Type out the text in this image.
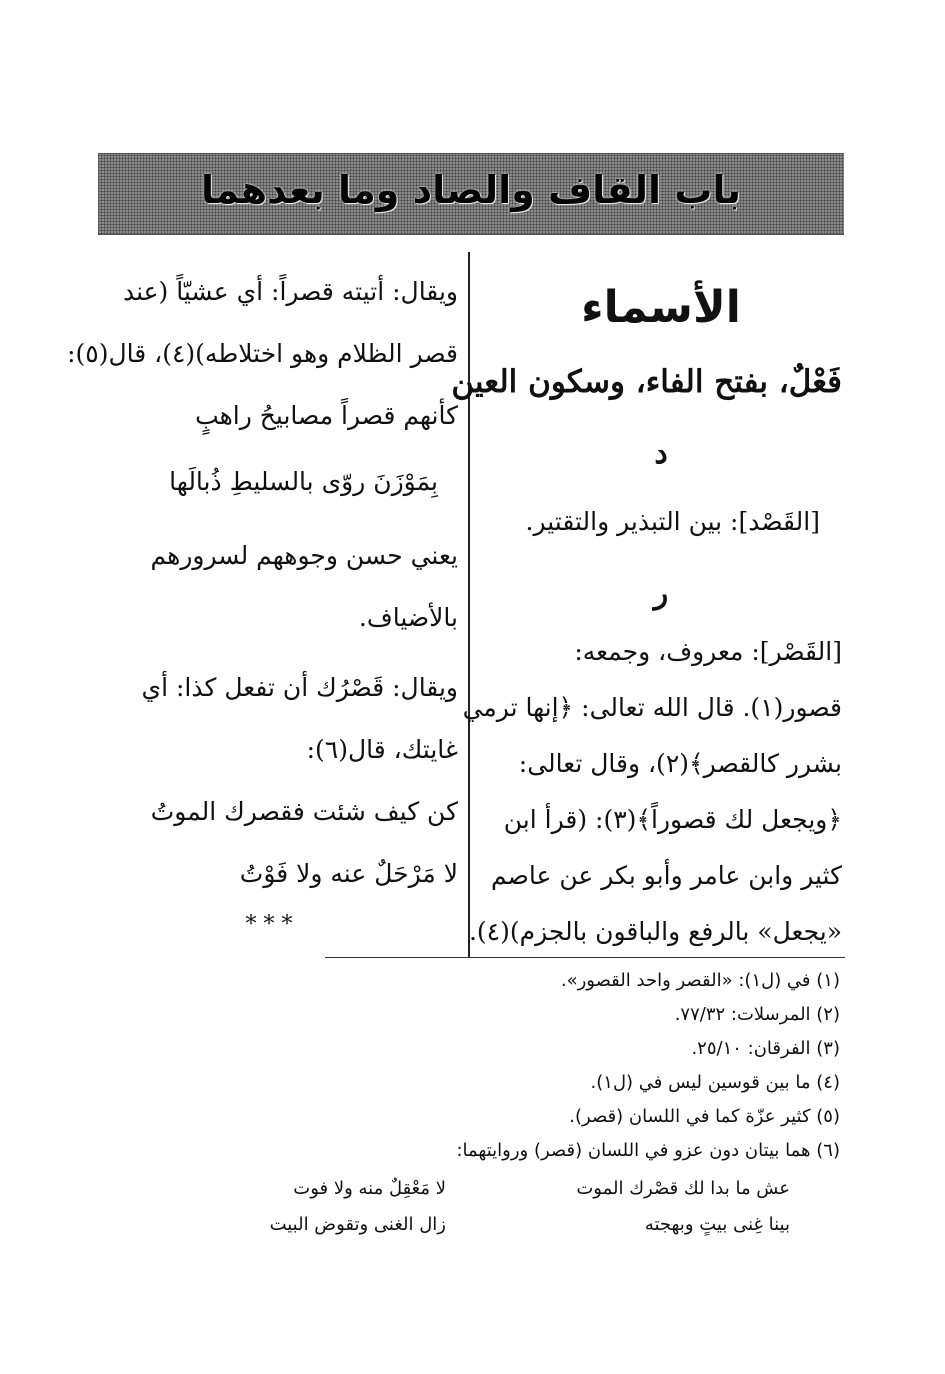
باب القاف والصاد وما بعدهما
الأسماء
فَعْلٌ، بفتح الفاء، وسكون العين
د
[القَصْد]: بين التبذير والتقتير.
ر
[القَصْر]: معروف، وجمعه:
قصور(١). قال الله تعالى: ﴿إنها ترمي
بشرر كالقصر﴾(٢)، وقال تعالى:
﴿ويجعل لك قصوراً﴾(٣): (قرأ ابن
كثير وابن عامر وأبو بكر عن عاصم
«يجعل» بالرفع والباقون بالجزم)(٤).
ويقال: أتيته قصراً: أي عشيّاً (عند
قصر الظلام وهو اختلاطه)(٤)، قال(٥):
كأنهم قصراً مصابيحُ راهبٍ
بِمَوْزَنَ روّى بالسليطِ ذُبالَها
يعني حسن وجوههم لسرورهم
بالأضياف.
ويقال: قَصْرُك أن تفعل كذا: أي
غايتك، قال(٦):
كن كيف شئت فقصرك الموتُ
لا مَرْحَلٌ عنه ولا فَوْتُ
* * *
(١) في (ل١): «القصر واحد القصور».
(٢) المرسلات: ٧٧/٣٢.
(٣) الفرقان: ٢٥/١٠.
(٤) ما بين قوسين ليس في (ل١).
(٥) كثير عزّة كما في اللسان (قصر).
(٦) هما بيتان دون عزو في اللسان (قصر) وروايتهما:
عش ما بدا لك قصْرك الموت
لا مَعْقِلٌ منه ولا فوت
بينا غِنى بيتٍ وبهجته
زال الغنى وتقوض البيت
